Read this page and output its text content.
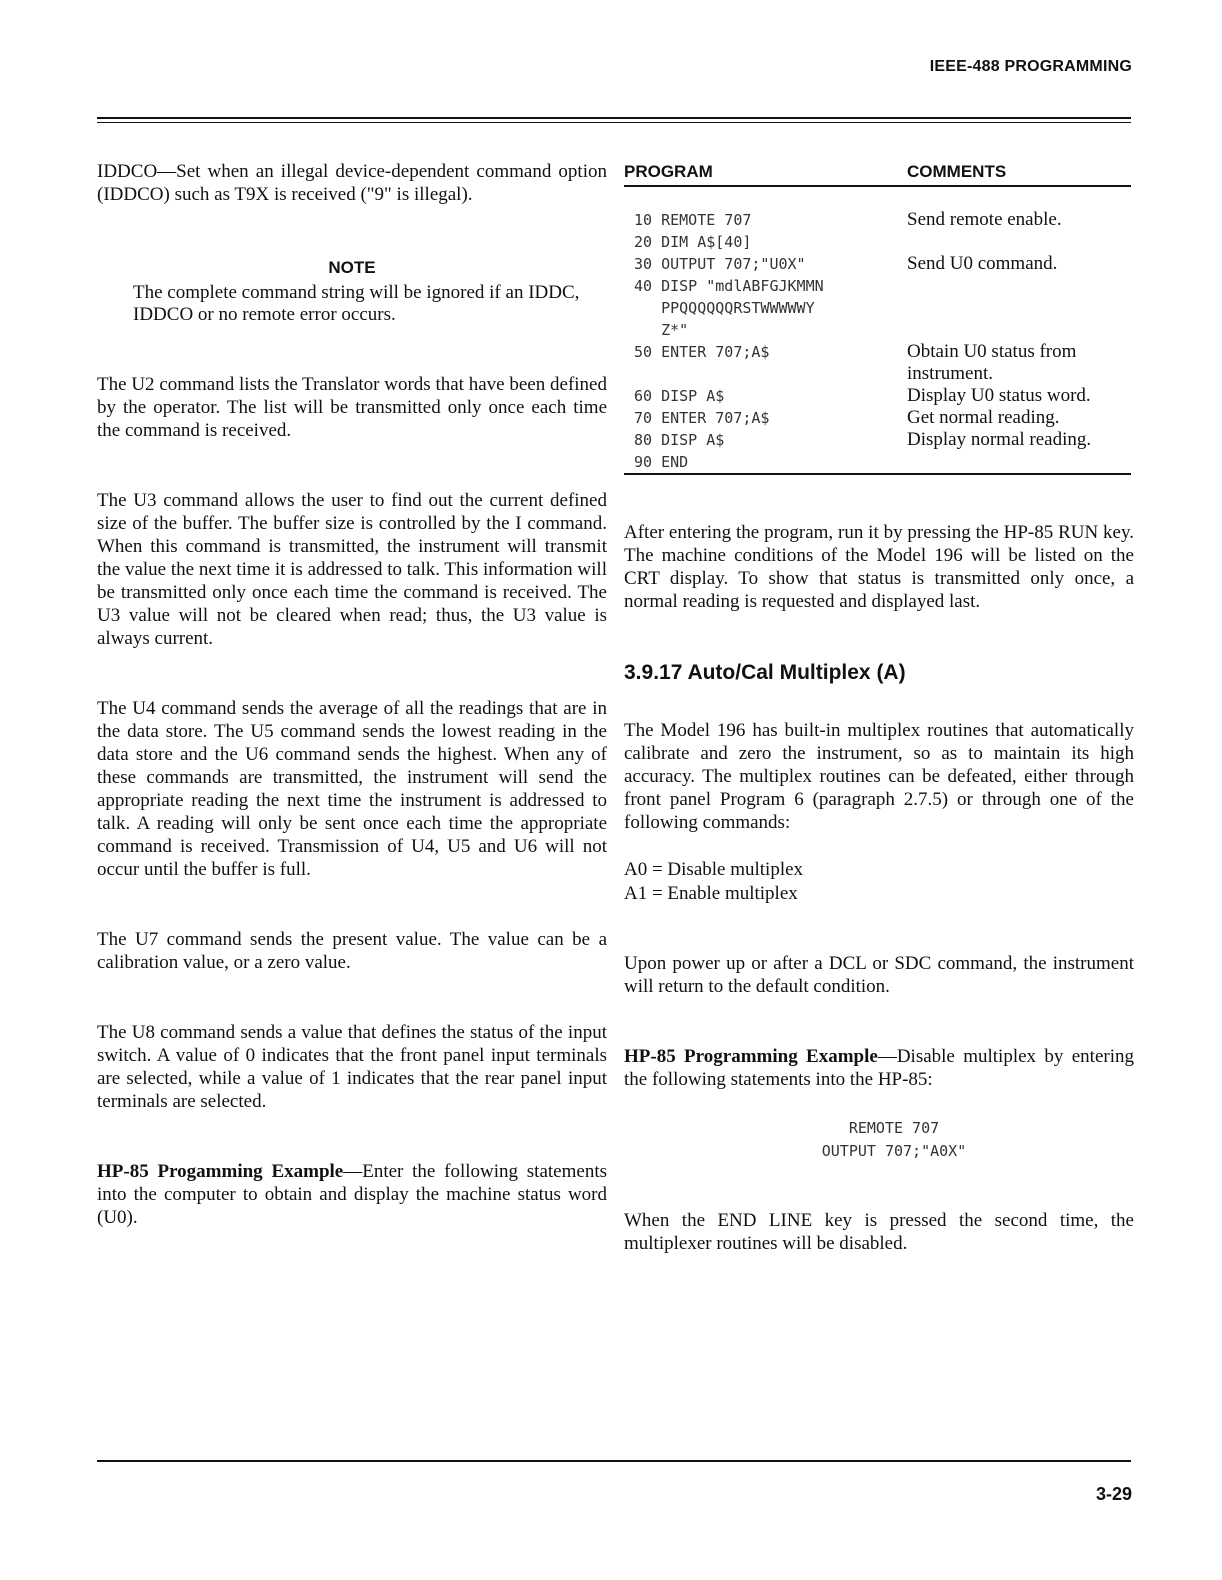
IEEE-488 PROGRAMMING

IDDCO—Set when an illegal device-dependent command option (IDDCO) such as T9X is received ("9" is illegal).

NOTE
The complete command string will be ignored if an IDDC, IDDCO or no remote error occurs.

The U2 command lists the Translator words that have been defined by the operator. The list will be transmitted only once each time the command is received.

The U3 command allows the user to find out the current defined size of the buffer. The buffer size is controlled by the I command. When this command is transmitted, the instrument will transmit the value the next time it is addressed to talk. This information will be transmitted only once each time the command is received. The U3 value will not be cleared when read; thus, the U3 value is always current.

The U4 command sends the average of all the readings that are in the data store. The U5 command sends the lowest reading in the data store and the U6 command sends the highest. When any of these commands are transmitted, the instrument will send the appropriate reading the next time the instrument is addressed to talk. A reading will only be sent once each time the appropriate command is received. Transmission of U4, U5 and U6 will not occur until the buffer is full.

The U7 command sends the present value. The value can be a calibration value, or a zero value.

The U8 command sends a value that defines the status of the input switch. A value of 0 indicates that the front panel input terminals are selected, while a value of 1 indicates that the rear panel input terminals are selected.

HP-85 Progamming Example—Enter the following statements into the computer to obtain and display the machine status word (U0).

PROGRAM	COMMENTS
10 REMOTE 707	Send remote enable.
20 DIM A$[40]	
30 OUTPUT 707;"U0X"	Send U0 command.
40 DISP "mdlABFGJKMMN	
PPQQQQQQRSTWWWWWY	
Z*"	
50 ENTER 707;A$	Obtain U0 status from instrument.
60 DISP A$	Display U0 status word.
70 ENTER 707;A$	Get normal reading.
80 DISP A$	Display normal reading.
90 END	

After entering the program, run it by pressing the HP-85 RUN key. The machine conditions of the Model 196 will be listed on the CRT display. To show that status is transmitted only once, a normal reading is requested and displayed last.

3.9.17 Auto/Cal Multiplex (A)

The Model 196 has built-in multiplex routines that automatically calibrate and zero the instrument, so as to maintain its high accuracy. The multiplex routines can be defeated, either through front panel Program 6 (paragraph 2.7.5) or through one of the following commands:

A0 = Disable multiplex
A1 = Enable multiplex

Upon power up or after a DCL or SDC command, the instrument will return to the default condition.

HP-85 Programming Example—Disable multiplex by entering the following statements into the HP-85:

REMOTE 707
OUTPUT 707;"A0X"

When the END LINE key is pressed the second time, the multiplexer routines will be disabled.

3-29
